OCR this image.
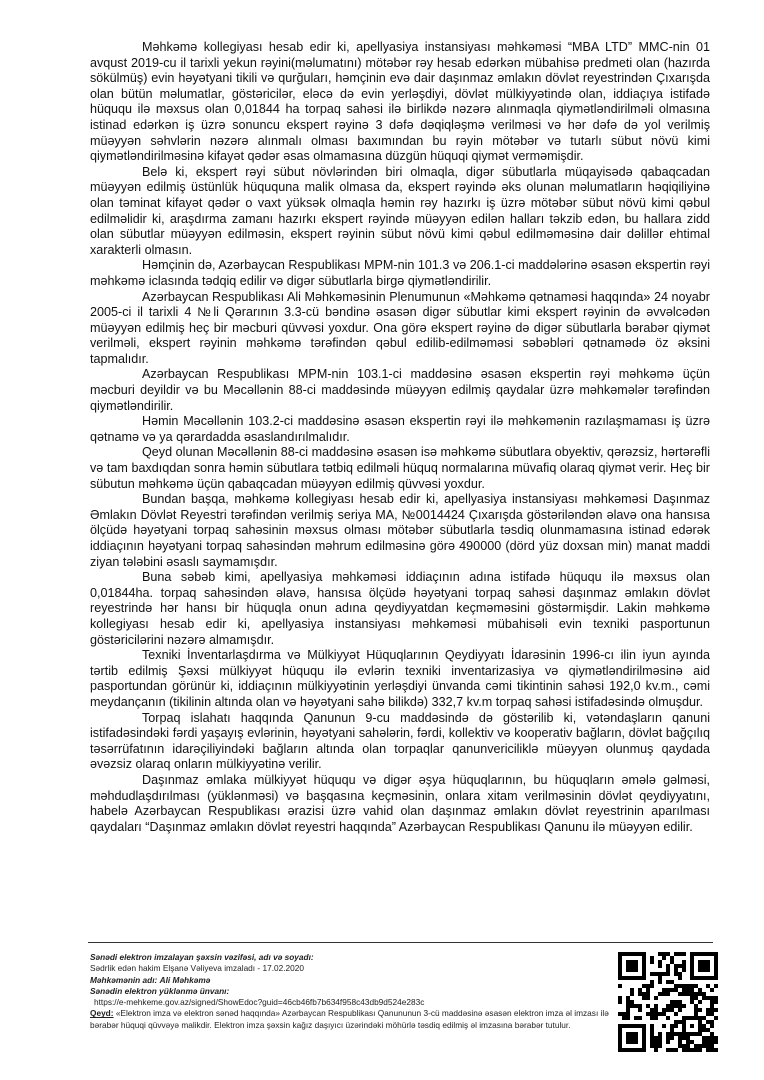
Məhkəmə kollegiyası hesab edir ki, apellyasiya instansiyası məhkəməsi “MBA LTD” MMC-nin 01 avqust 2019-cu il tarixli yekun rəyini(məlumatını) mötəbər rəy hesab edərkən mübahisə predmeti olan (hazırda sökülmüş) evin həyətyani tikili və qurğuları, həmçinin evə dair daşınmaz əmlakın dövlət reyestrindən Çıxarışda olan bütün məlumatlar, göstəricilər, eləcə də evin yerləşdiyi, dövlət mülkiyyətində olan, iddiaçıya istifadə hüququ ilə məxsus olan 0,01844 ha torpaq sahəsi ilə birlikdə nəzərə alınmaqla qiymətləndirilməli olmasına istinad edərkən iş üzrə sonuncu ekspert rəyinə 3 dəfə dəqiqləşmə verilməsi və hər dəfə də yol verilmiş müəyyən səhvlərin nəzərə alınmalı olması baxımından bu rəyin mötəbər və tutarlı sübut növü kimi qiymətləndirilməsinə kifayət qədər əsas olmamasına düzgün hüquqi qiymət verməmişdir.

Belə ki, ekspert rəyi sübut növlərindən biri olmaqla, digər sübutlarla müqayisədə qabaqcadan müəyyən edilmiş üstünlük hüququna malik olmasa da, ekspert rəyində əks olunan məlumatların həqiqiliyinə olan təminat kifayət qədər o vaxt yüksək olmaqla həmin rəy hazırkı iş üzrə mötəbər sübut növü kimi qəbul edilməlidir ki, araşdırma zamanı hazırkı ekspert rəyində müəyyən edilən halları təkzib edən, bu hallara zidd olan sübutlar müəyyən edilməsin, ekspert rəyinin sübut növü kimi qəbul edilməməsinə dair dəlillər ehtimal xarakterli olmasın.

Həmçinin də, Azərbaycan Respublikası MPM-nin 101.3 və 206.1-ci maddələrinə əsasən ekspertin rəyi məhkəmə iclasında tədqiq edilir və digər sübutlarla birgə qiymətləndirilir.

Azərbaycan Respublikası Ali Məhkəməsinin Plenumunun «Məhkəmə qətnaməsi haqqında» 24 noyabr 2005-ci il tarixli 4 №li Qərarının 3.3-cü bəndinə əsasən digər sübutlar kimi ekspert rəyinin də əvvəlcədən müəyyən edilmiş heç bir məcburi qüvvəsi yoxdur. Ona görə ekspert rəyinə də digər sübutlarla bərabər qiymət verilməli, ekspert rəyinin məhkəmə tərəfindən qəbul edilib-edilməməsi səbəbləri qətnamədə öz əksini tapmalıdır.

Azərbaycan Respublikası MPM-nin 103.1-ci maddəsinə əsasən ekspertin rəyi məhkəmə üçün məcburi deyildir və bu Məcəllənin 88-ci maddəsində müəyyən edilmiş qaydalar üzrə məhkəmələr tərəfindən qiymətləndirilir.

Həmin Məcəllənin 103.2-ci maddəsinə əsasən ekspertin rəyi ilə məhkəmənin razılaşmaması iş üzrə qətnamə və ya qərardadda əsaslandırılmalıdır.

Qeyd olunan Məcəllənin 88-ci maddəsinə əsasən isə məhkəmə sübutlara obyektiv, qərəzsiz, hərtərəfli və tam baxdıqdan sonra həmin sübutlara tətbiq edilməli hüquq normalarına müvafiq olaraq qiymət verir. Heç bir sübutun məhkəmə üçün qabaqcadan müəyyən edilmiş qüvvəsi yoxdur.

Bundan başqa, məhkəmə kollegiyası hesab edir ki, apellyasiya instansiyası məhkəməsi Daşınmaz Əmlakın Dövlət Reyestri tərəfindən verilmiş seriya MA, №0014424 Çıxarışda göstəriləndən əlavə ona hansısa ölçüdə həyətyani torpaq sahəsinin məxsus olması mötəbər sübutlarla təsdiq olunmamasına istinad edərək iddiaçının həyətyani torpaq sahəsindən məhrum edilməsinə görə 490000 (dörd yüz doxsan min) manat maddi ziyan tələbini əsaslı saymamışdır.

Buna səbəb kimi, apellyasiya məhkəməsi iddiaçının adına istifadə hüququ ilə məxsus olan 0,01844ha. torpaq sahəsindən əlavə, hansısa ölçüdə həyətyani torpaq sahəsi daşınmaz əmlakın dövlət reyestrində hər hansı bir hüquqla onun adına qeydiyyatdan keçməməsini göstərmişdir. Lakin məhkəmə kollegiyası hesab edir ki, apellyasiya instansiyası məhkəməsi mübahisəli evin texniki pasportunun göstəricilərini nəzərə almamışdır.

Texniki İnventarlaşdırma və Mülkiyyət Hüquqlarının Qeydiyyatı İdarəsinin 1996-cı ilin iyun ayında tərtib edilmiş Şəxsi mülkiyyət hüququ ilə evlərin texniki inventarizasiya və qiymətləndirilməsinə aid pasportundan görünür ki, iddiaçının mülkiyyətinin yerləşdiyi ünvanda cəmi tikintinin sahəsi 192,0 kv.m., cəmi meydançanın (tikilinin altında olan və həyətyani sahə bilikdə) 332,7 kv.m torpaq sahəsi istifadəsində olmuşdur.

Torpaq islahatı haqqında Qanunun 9-cu maddəsində də göstərilib ki, vətəndaşların qanuni istifadəsindəki fərdi yaşayış evlərinin, həyətyani sahələrin, fərdi, kollektiv və kooperativ bağların, dövlət bağçılıq təsərrüfatının idarəçiliyindəki bağların altında olan torpaqlar qanunvericiliklə müəyyən olunmuş qaydada əvəzsiz olaraq onların mülkiyyətinə verilir.

Daşınmaz əmlaka mülkiyyət hüququ və digər əşya hüquqlarının, bu hüquqların əmələ gəlməsi, məhdudlaşdırılması (yüklənməsi) və başqasına keçməsinin, onlara xitam verilməsinin dövlət qeydiyyatını, habelə Azərbaycan Respublikası ərazisi üzrə vahid olan daşınmaz əmlakın dövlət reyestrinin aparılması qaydaları “Daşınmaz əmlakın dövlət reyestri haqqında” Azərbaycan Respublikası Qanunu ilə müəyyən edilir.

Sənədi elektron imzalayan şəxsin vəzifəsi, adı və soyadı:
Sədrlik edən hakim Elşanə Vəliyeva imzaladı - 17.02.2020
Məhkəmənin adı: Ali Məhkəmə
Sənədin elektron yüklənmə ünvanı:
https://e-mehkeme.gov.az/signed/ShowEdoc?guid=46cb46fb7b634f958c43db9d524e283c
Qeyd: «Elektron imza və elektron sənəd haqqında» Azərbaycan Respublikası Qanununun 3-cü maddəsinə əsasən elektron imza əl imzası ilə bərabər hüquqi qüvvəyə malikdir. Elektron imza şəxsin kağız daşıyıcı üzərindəki möhürlə təsdiq edilmiş əl imzasına bərabər tutulur.
